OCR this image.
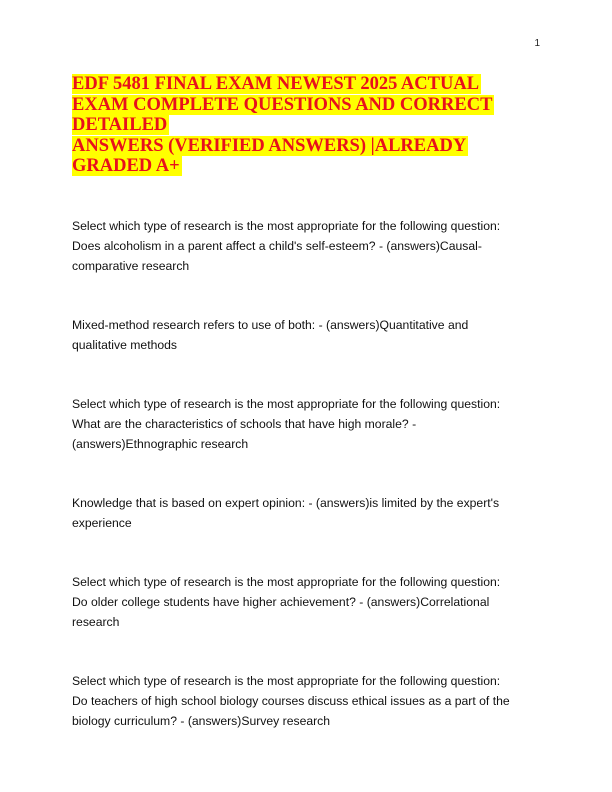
1
EDF 5481 FINAL EXAM NEWEST 2025 ACTUAL
EXAM COMPLETE QUESTIONS AND CORRECT
DETAILED
ANSWERS (VERIFIED ANSWERS) |ALREADY
GRADED A+

Select which type of research is the most appropriate for the following question:
Does alcoholism in a parent affect a child's self-esteem? - (answers)Causal-
comparative research

Mixed-method research refers to use of both: - (answers)Quantitative and
qualitative methods

Select which type of research is the most appropriate for the following question:
What are the characteristics of schools that have high morale? -
(answers)Ethnographic research

Knowledge that is based on expert opinion: - (answers)is limited by the expert's
experience

Select which type of research is the most appropriate for the following question:
Do older college students have higher achievement? - (answers)Correlational
research

Select which type of research is the most appropriate for the following question:
Do teachers of high school biology courses discuss ethical issues as a part of the
biology curriculum? - (answers)Survey research
